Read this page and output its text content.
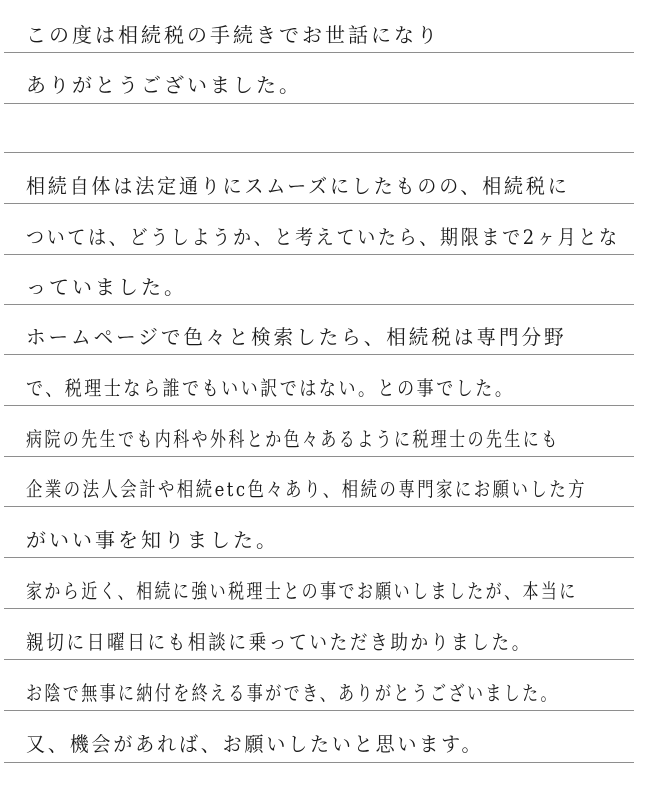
この度は相続税の手続きでお世話になり
ありがとうございました。
相続自体は法定通りにスムーズにしたものの、相続税に
ついては、どうしようか、と考えていたら、期限まで2ヶ月とな
っていました。
ホームページで色々と検索したら、相続税は専門分野
で、税理士なら誰でもいい訳ではない。との事でした。
病院の先生でも内科や外科とか色々あるように税理士の先生にも
企業の法人会計や相続etc色々あり、相続の専門家にお願いした方
がいい事を知りました。
家から近く、相続に強い税理士との事でお願いしましたが、本当に
親切に日曜日にも相談に乗っていただき助かりました。
お陰で無事に納付を終える事ができ、ありがとうございました。
又、機会があれば、お願いしたいと思います。
